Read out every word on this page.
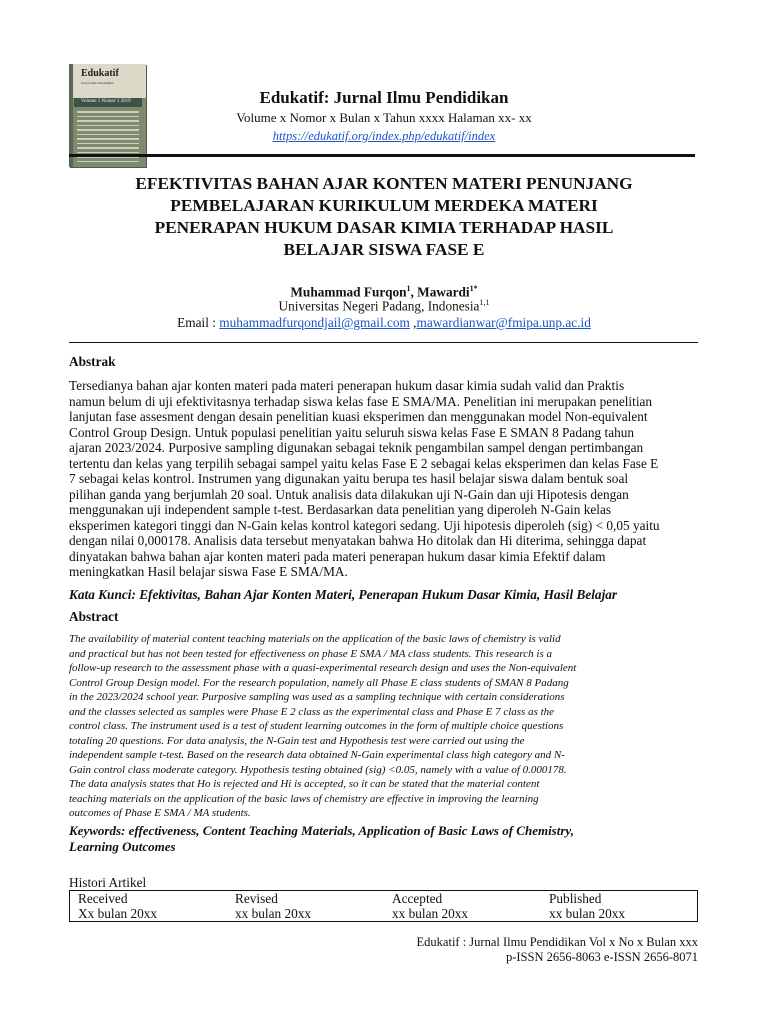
Edukatif
Jurnal Ilmu Pendidikan
Volume 1 Nomor 1 2019	Edukatif: Jurnal Ilmu Pendidikan
Volume x Nomor x Bulan x Tahun xxxx Halaman xx- xx
https://edukatif.org/index.php/edukatif/index
EFEKTIVITAS BAHAN AJAR KONTEN MATERI PENUNJANG
PEMBELAJARAN KURIKULUM MERDEKA MATERI
PENERAPAN HUKUM DASAR KIMIA TERHADAP HASIL
BELAJAR SISWA FASE E
Muhammad Furqon$^1$, Mawardi$^{1*}$
Universitas Negeri Padang, Indonesia$^{1,1}$
Email : muhammadfurqondjail@gmail.com ,mawardianwar@fmipa.unp.ac.id
Abstrak
Tersedianya bahan ajar konten materi pada materi penerapan hukum dasar kimia sudah valid dan Praktis
namun belum di uji efektivitasnya terhadap siswa kelas fase E SMA/MA. Penelitian ini merupakan penelitian
lanjutan fase assesment dengan desain penelitian kuasi eksperimen dan menggunakan model Non-equivalent
Control Group Design. Untuk populasi penelitian yaitu seluruh siswa kelas Fase E SMAN 8 Padang tahun
ajaran 2023/2024. Purposive sampling digunakan sebagai teknik pengambilan sampel dengan pertimbangan
tertentu dan kelas yang terpilih sebagai sampel yaitu kelas Fase E 2 sebagai kelas eksperimen dan kelas Fase E
7 sebagai kelas kontrol. Instrumen yang digunakan yaitu berupa tes hasil belajar siswa dalam bentuk soal
pilihan ganda yang berjumlah 20 soal. Untuk analisis data dilakukan uji N-Gain dan uji Hipotesis dengan
menggunakan uji independent sample t-test. Berdasarkan data penelitian yang diperoleh N-Gain kelas
eksperimen kategori tinggi dan N-Gain kelas kontrol kategori sedang. Uji hipotesis diperoleh (sig) < 0,05 yaitu
dengan nilai 0,000178. Analisis data tersebut menyatakan bahwa Ho ditolak dan Hi diterima, sehingga dapat
dinyatakan bahwa bahan ajar konten materi pada materi penerapan hukum dasar kimia Efektif dalam
meningkatkan Hasil belajar siswa Fase E SMA/MA.
Kata Kunci: Efektivitas, Bahan Ajar Konten Materi, Penerapan Hukum Dasar Kimia, Hasil Belajar
Abstract
The availability of material content teaching materials on the application of the basic laws of chemistry is valid
and practical but has not been tested for effectiveness on phase E SMA / MA class students. This research is a
follow-up research to the assessment phase with a quasi-experimental research design and uses the Non-equivalent
Control Group Design model. For the research population, namely all Phase E class students of SMAN 8 Padang
in the 2023/2024 school year. Purposive sampling was used as a sampling technique with certain considerations
and the classes selected as samples were Phase E 2 class as the experimental class and Phase E 7 class as the
control class. The instrument used is a test of student learning outcomes in the form of multiple choice questions
totaling 20 questions. For data analysis, the N-Gain test and Hypothesis test were carried out using the
independent sample t-test. Based on the research data obtained N-Gain experimental class high category and N-
Gain control class moderate category. Hypothesis testing obtained (sig) <0.05, namely with a value of 0.000178.
The data analysis states that Ho is rejected and Hi is accepted, so it can be stated that the material content
teaching materials on the application of the basic laws of chemistry are effective in improving the learning
outcomes of Phase E SMA / MA students.
Keywords: effectiveness, Content Teaching Materials, Application of Basic Laws of Chemistry,
Learning Outcomes
Histori Artikel
Received	Revised	Accepted	Published
Xx bulan 20xx	xx bulan 20xx	xx bulan 20xx	xx bulan 20xx
Edukatif : Jurnal Ilmu Pendidikan Vol x No x Bulan xxx
p-ISSN 2656-8063 e-ISSN 2656-8071
